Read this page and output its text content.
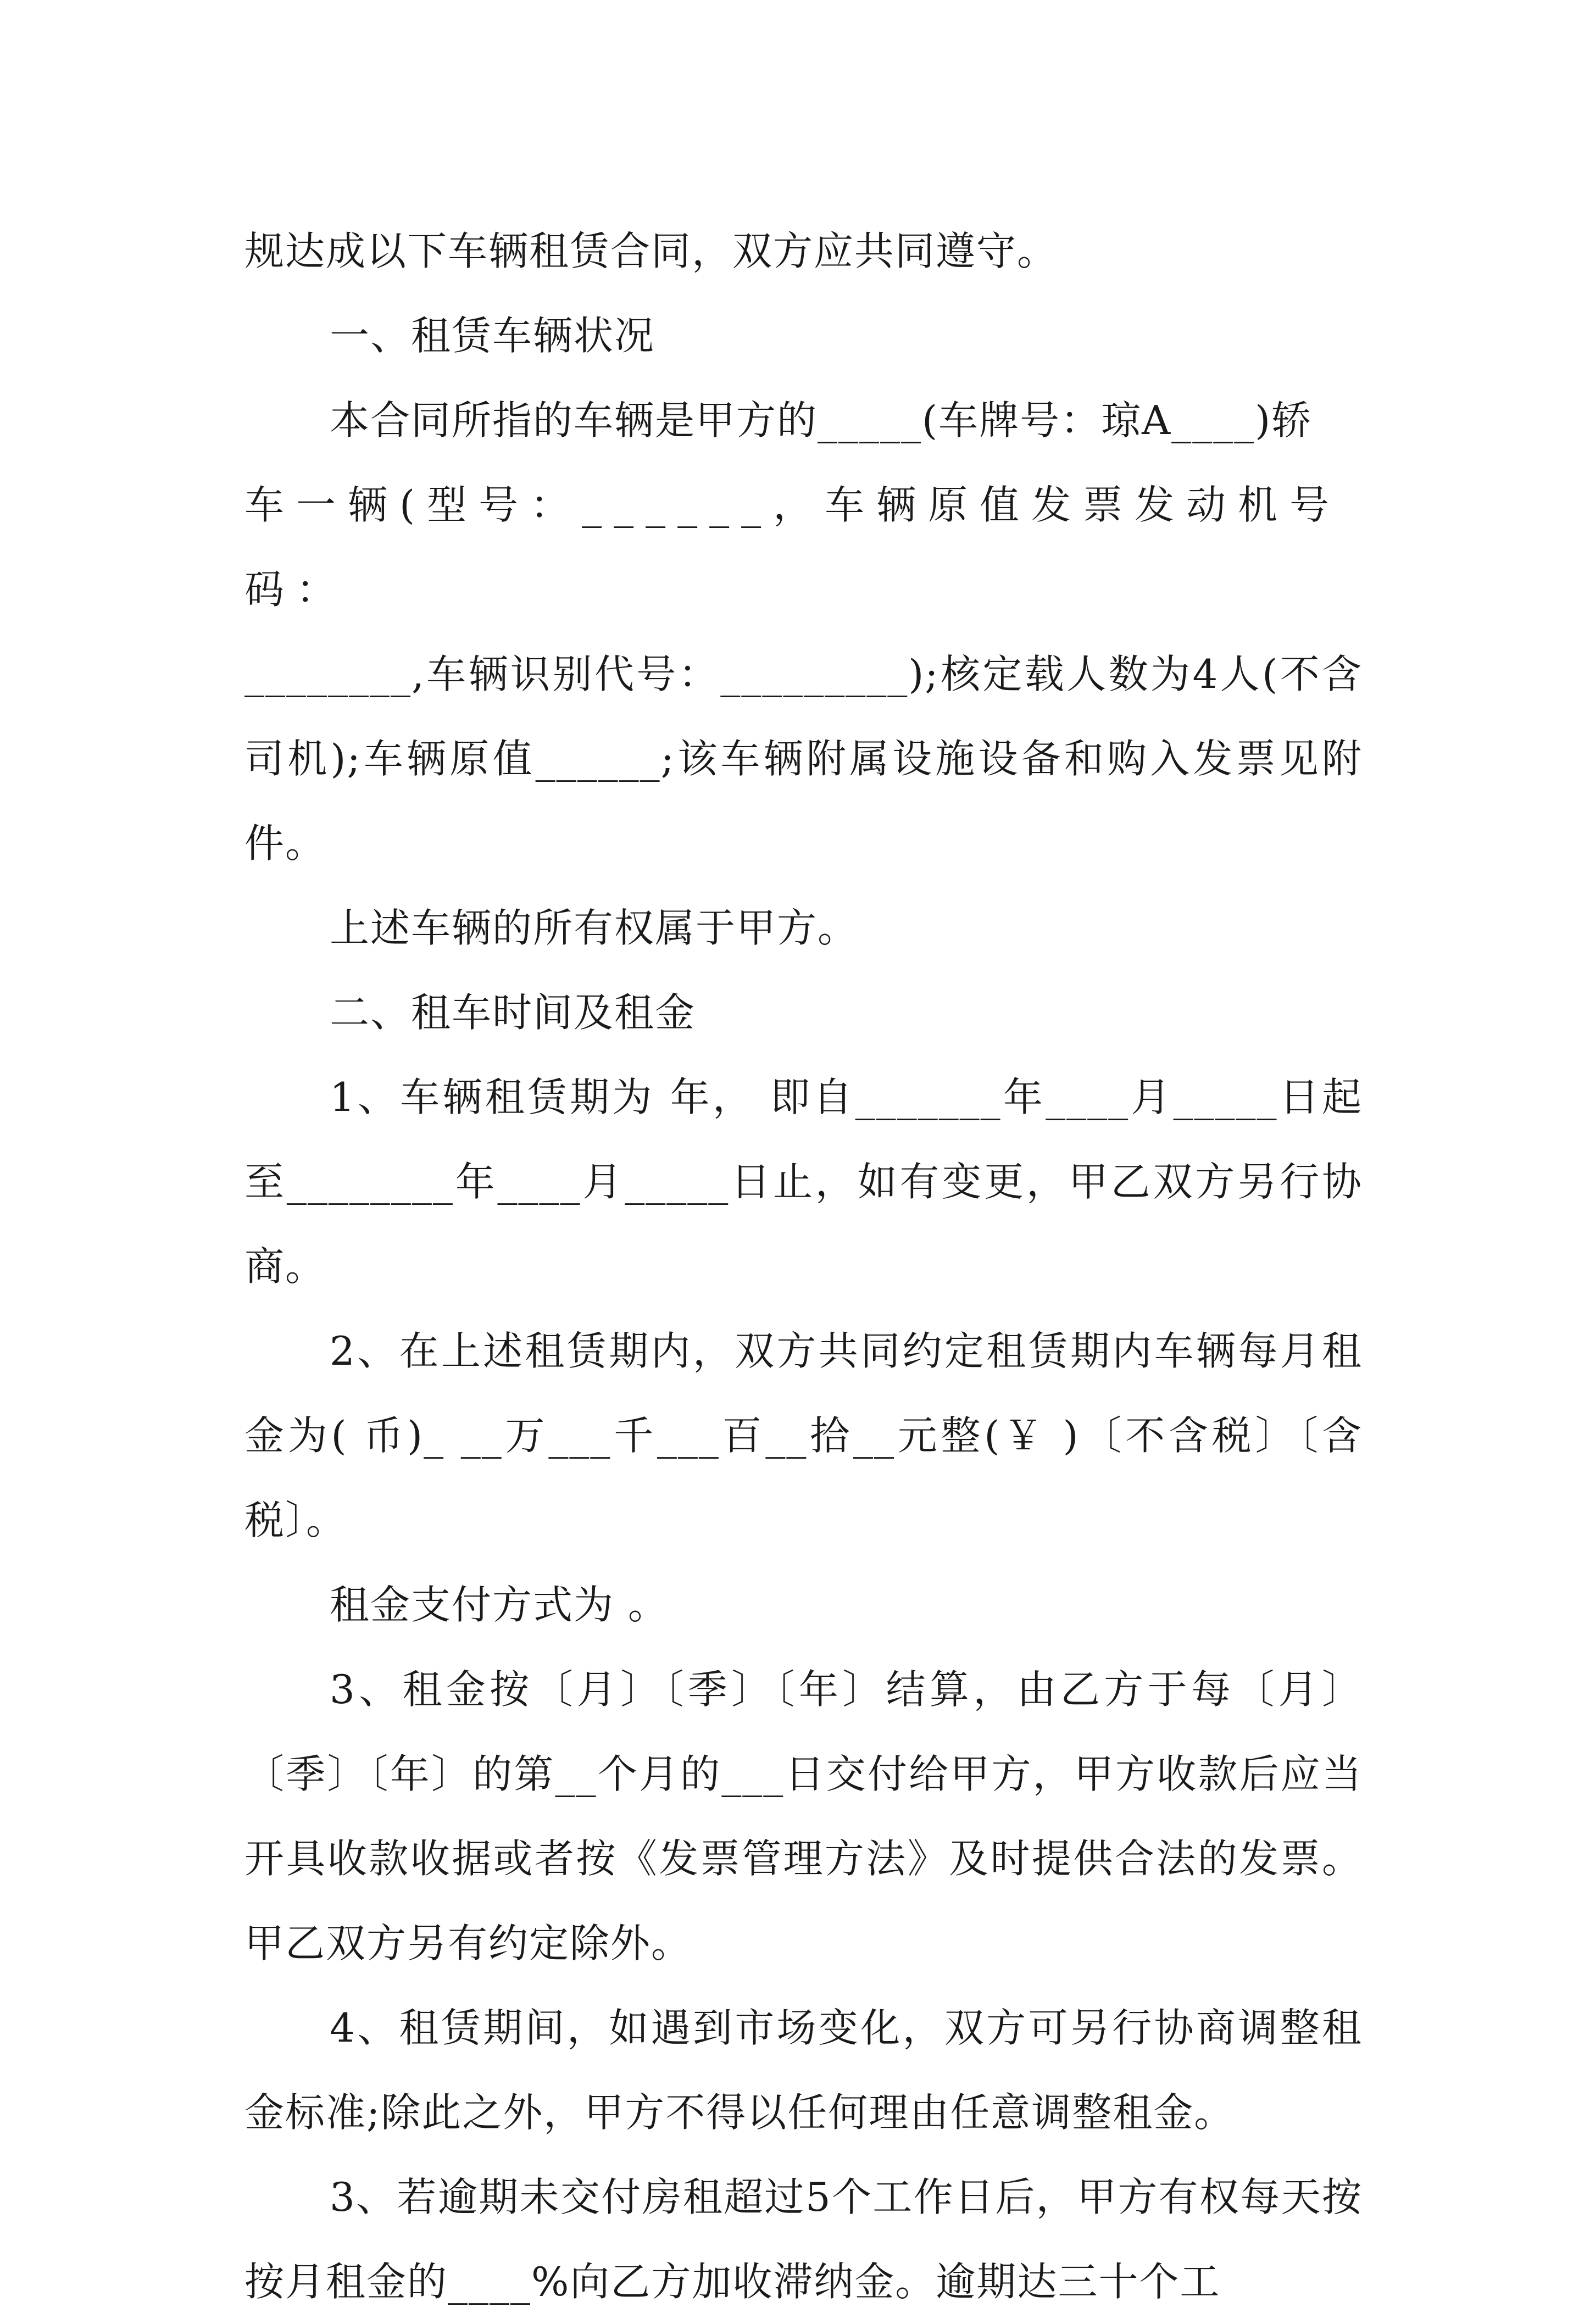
规达成以下车辆租赁合同，双方应共同遵守。

一、租赁车辆状况

本合同所指的车辆是甲方的_____(车牌号：琼A____)轿

车一辆(型号：______，车辆原值发票发动机号码：

________,车辆识别代号：_________);核定载人数为4人(不含司机);车辆原值______;该车辆附属设施设备和购入发票见附件。

上述车辆的所有权属于甲方。

二、租车时间及租金

1、车辆租赁期为 年， 即自_______年____月_____日起至________年____月_____日止，如有变更，甲乙双方另行协商。

2、在上述租赁期内，双方共同约定租赁期内车辆每月租金为( 币)_ __万___千___百__拾__元整(￥ )〔不含税〕〔含税〕。

租金支付方式为 。

3、租金按〔月〕〔季〕〔年〕结算，由乙方于每〔月〕〔季〕〔年〕的第__个月的___日交付给甲方，甲方收款后应当开具收款收据或者按《发票管理方法》及时提供合法的发票。甲乙双方另有约定除外。

4、租赁期间，如遇到市场变化，双方可另行协商调整租金标准;除此之外，甲方不得以任何理由任意调整租金。

3、若逾期未交付房租超过5个工作日后，甲方有权每天按按月租金的____%向乙方加收滞纳金。逾期达三十个工
